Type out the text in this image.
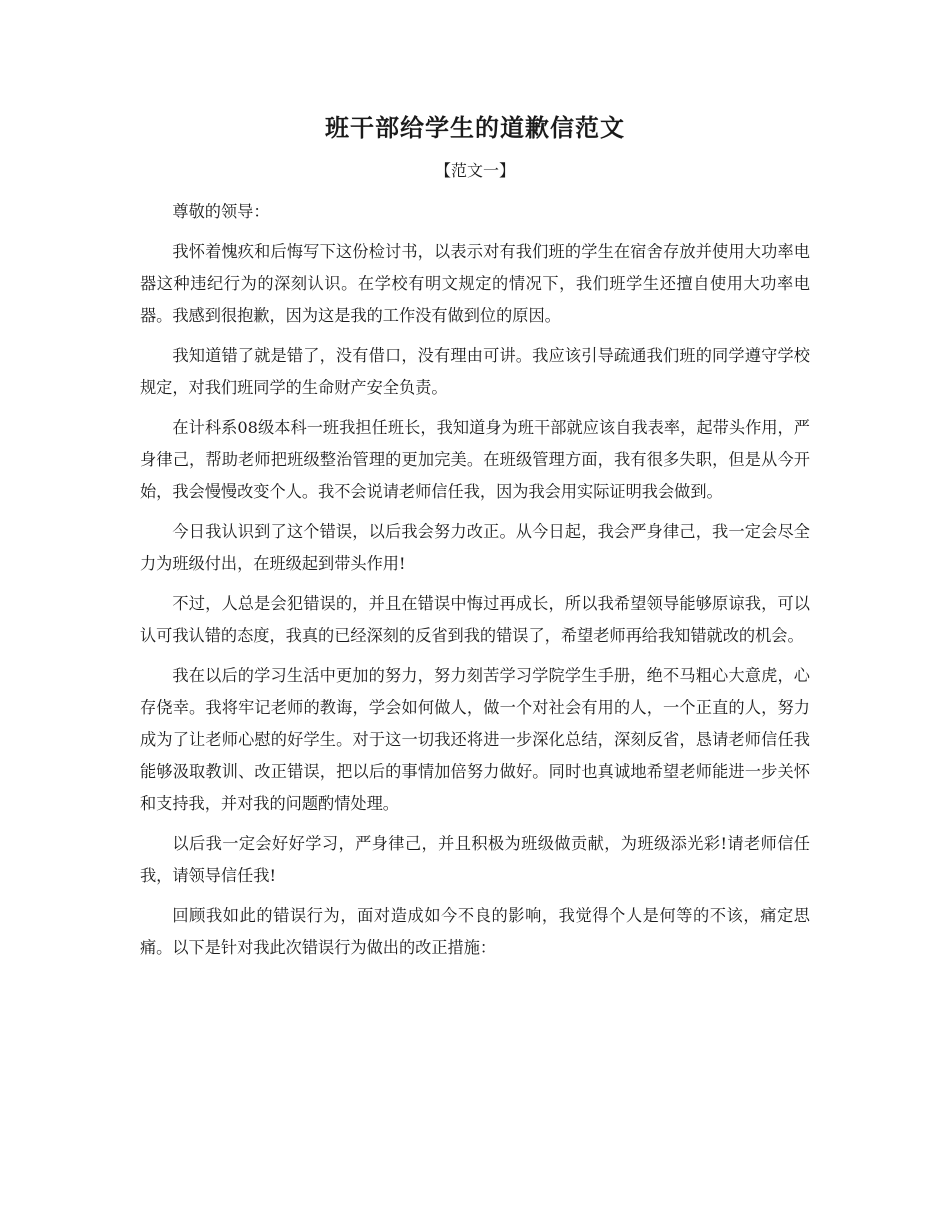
班干部给学生的道歉信范文
【范文一】

尊敬的领导：

我怀着愧疚和后悔写下这份检讨书，以表示对有我们班的学生在宿舍存放并使用大功率电器这种违纪行为的深刻认识。在学校有明文规定的情况下，我们班学生还擅自使用大功率电器。我感到很抱歉，因为这是我的工作没有做到位的原因。

我知道错了就是错了，没有借口，没有理由可讲。我应该引导疏通我们班的同学遵守学校规定，对我们班同学的生命财产安全负责。

在计科系08级本科一班我担任班长，我知道身为班干部就应该自我表率，起带头作用，严身律己，帮助老师把班级整治管理的更加完美。在班级管理方面，我有很多失职，但是从今开始，我会慢慢改变个人。我不会说请老师信任我，因为我会用实际证明我会做到。

今日我认识到了这个错误，以后我会努力改正。从今日起，我会严身律己，我一定会尽全力为班级付出，在班级起到带头作用!

不过，人总是会犯错误的，并且在错误中悔过再成长，所以我希望领导能够原谅我，可以认可我认错的态度，我真的已经深刻的反省到我的错误了，希望老师再给我知错就改的机会。

我在以后的学习生活中更加的努力，努力刻苦学习学院学生手册，绝不马粗心大意虎，心存侥幸。我将牢记老师的教诲，学会如何做人，做一个对社会有用的人，一个正直的人，努力成为了让老师心慰的好学生。对于这一切我还将进一步深化总结，深刻反省，恳请老师信任我能够汲取教训、改正错误，把以后的事情加倍努力做好。同时也真诚地希望老师能进一步关怀和支持我，并对我的问题酌情处理。

以后我一定会好好学习，严身律己，并且积极为班级做贡献，为班级添光彩!请老师信任我，请领导信任我!

回顾我如此的错误行为，面对造成如今不良的影响，我觉得个人是何等的不该，痛定思痛。以下是针对我此次错误行为做出的改正措施：
